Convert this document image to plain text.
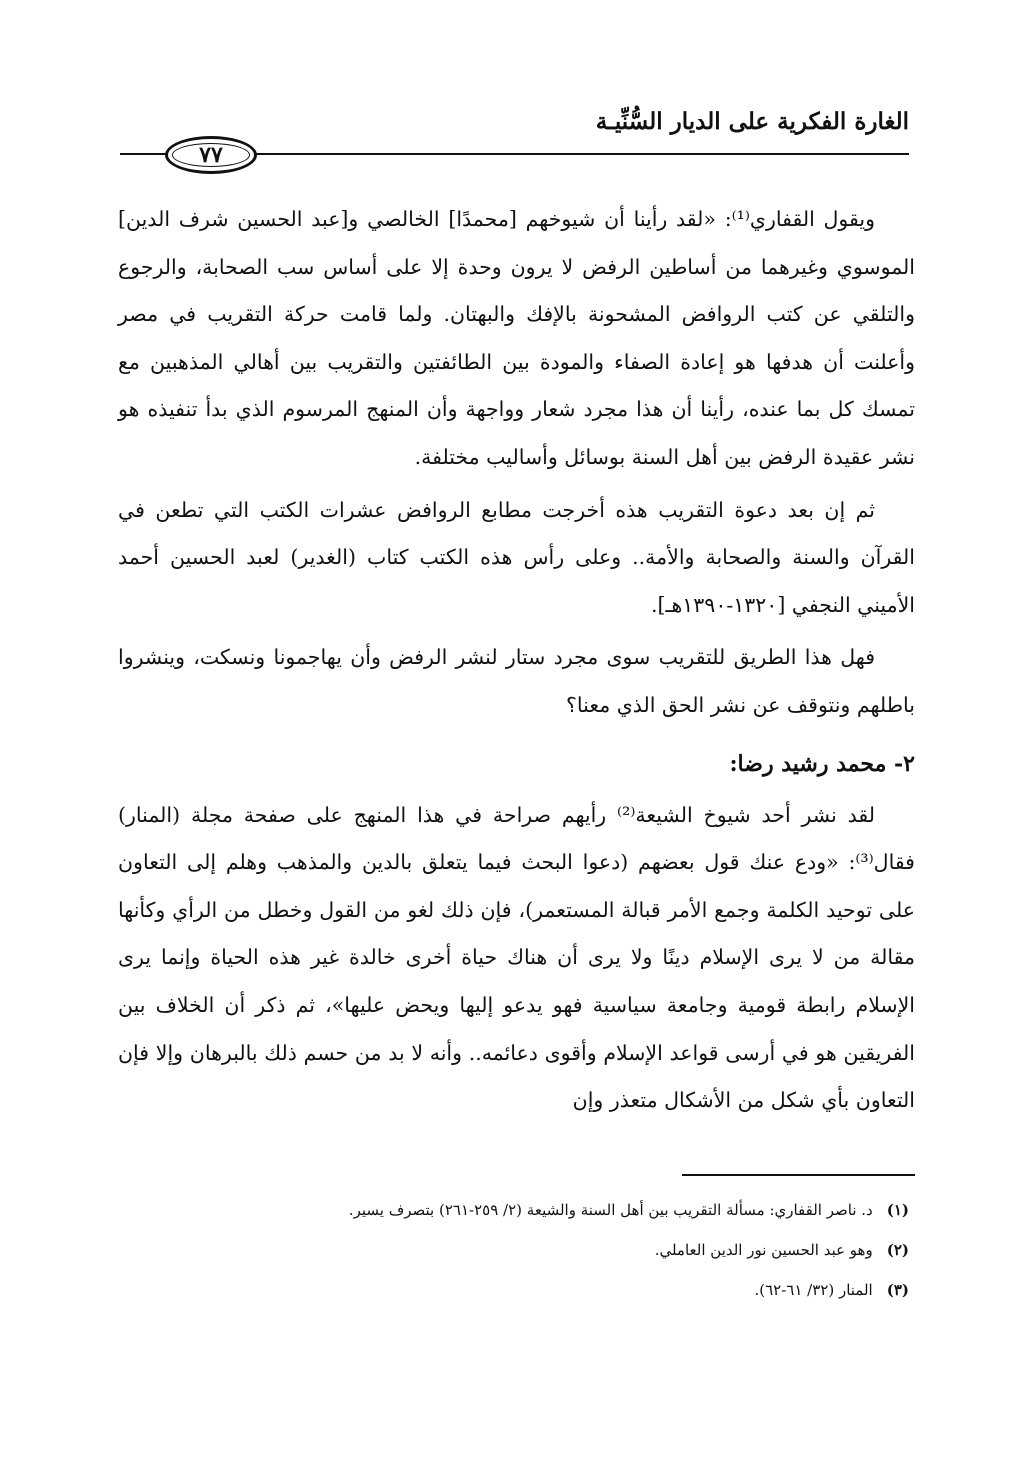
الغارة الفكرية على الديار السُّنِّيـة
٧٧

ويقول القفاري⁽¹⁾: «لقد رأينا أن شيوخهم [محمدًا] الخالصي و[عبد الحسين شرف الدين] الموسوي وغيرهما من أساطين الرفض لا يرون وحدة إلا على أساس سب الصحابة، والرجوع والتلقي عن كتب الروافض المشحونة بالإفك والبهتان. ولما قامت حركة التقريب في مصر وأعلنت أن هدفها هو إعادة الصفاء والمودة بين الطائفتين والتقريب بين أهالي المذهبين مع تمسك كل بما عنده، رأينا أن هذا مجرد شعار وواجهة وأن المنهج المرسوم الذي بدأ تنفيذه هو نشر عقيدة الرفض بين أهل السنة بوسائل وأساليب مختلفة.

ثم إن بعد دعوة التقريب هذه أخرجت مطابع الروافض عشرات الكتب التي تطعن في القرآن والسنة والصحابة والأمة.. وعلى رأس هذه الكتب كتاب (الغدير) لعبد الحسين أحمد الأميني النجفي [١٣٢٠-١٣٩٠هـ].

فهل هذا الطريق للتقريب سوى مجرد ستار لنشر الرفض وأن يهاجمونا ونسكت، وينشروا باطلهم ونتوقف عن نشر الحق الذي معنا؟

٢- محمد رشيد رضا:

لقد نشر أحد شيوخ الشيعة⁽²⁾ رأيهم صراحة في هذا المنهج على صفحة مجلة (المنار) فقال⁽³⁾: «ودع عنك قول بعضهم (دعوا البحث فيما يتعلق بالدين والمذهب وهلم إلى التعاون على توحيد الكلمة وجمع الأمر قبالة المستعمر)، فإن ذلك لغو من القول وخطل من الرأي وكأنها مقالة من لا يرى الإسلام دينًا ولا يرى أن هناك حياة أخرى خالدة غير هذه الحياة وإنما يرى الإسلام رابطة قومية وجامعة سياسية فهو يدعو إليها ويحض عليها»، ثم ذكر أن الخلاف بين الفريقين هو في أرسى قواعد الإسلام وأقوى دعائمه.. وأنه لا بد من حسم ذلك بالبرهان وإلا فإن التعاون بأي شكل من الأشكال متعذر وإن

(١)د. ناصر القفاري: مسألة التقريب بين أهل السنة والشيعة (٢/ ٢٥٩-٢٦١) بتصرف يسير.
(٢)وهو عبد الحسين نور الدين العاملي.
(٣)المنار (٣٢/ ٦١-٦٢).
